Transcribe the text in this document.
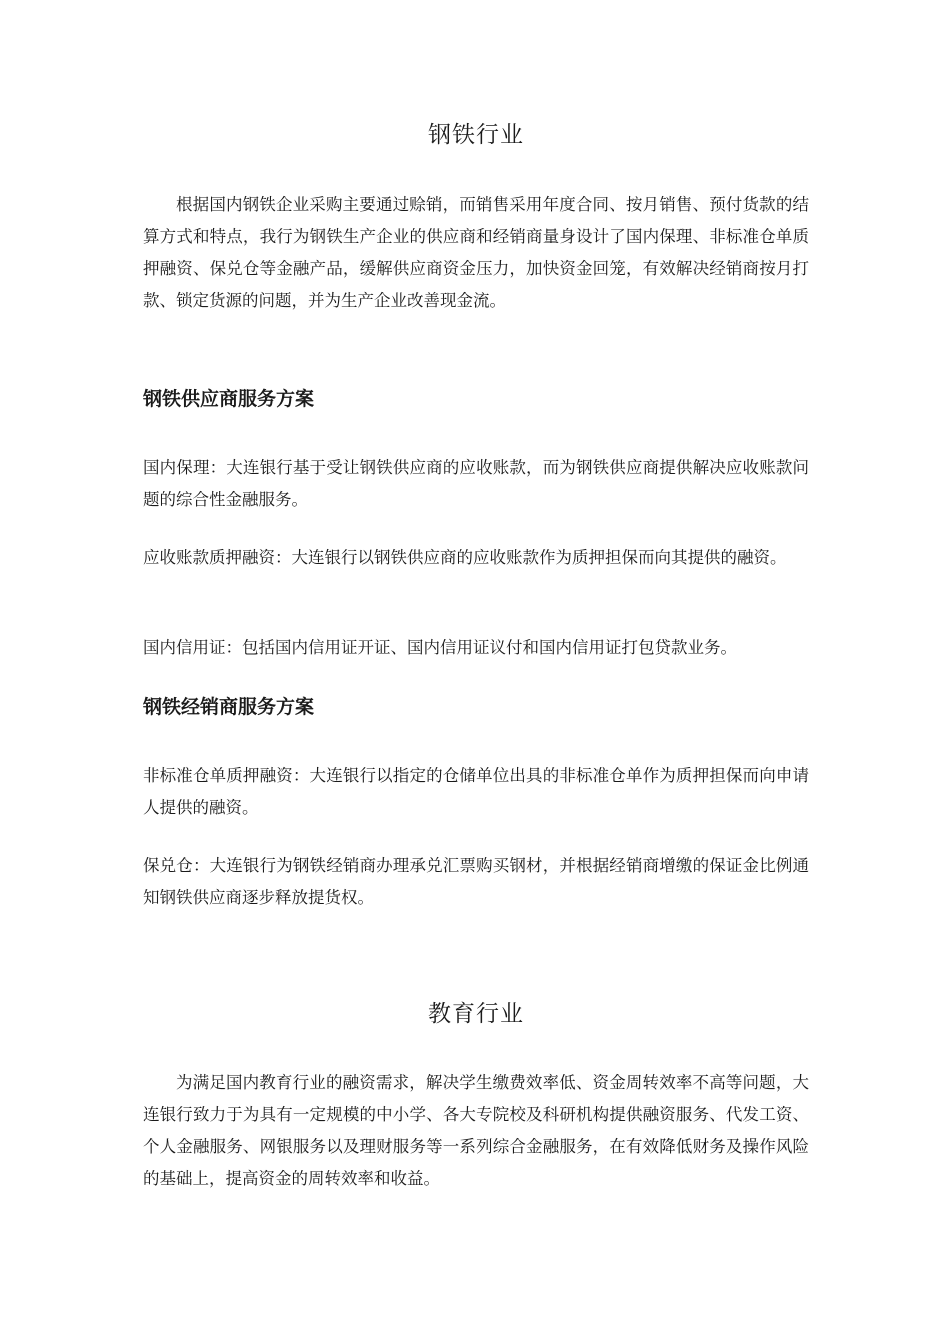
钢铁行业

根据国内钢铁企业采购主要通过赊销，而销售采用年度合同、按月销售、预付货款的结算方式和特点，我行为钢铁生产企业的供应商和经销商量身设计了国内保理、非标准仓单质押融资、保兑仓等金融产品，缓解供应商资金压力，加快资金回笼，有效解决经销商按月打款、锁定货源的问题，并为生产企业改善现金流。

钢铁供应商服务方案

国内保理：大连银行基于受让钢铁供应商的应收账款，而为钢铁供应商提供解决应收账款问题的综合性金融服务。

应收账款质押融资：大连银行以钢铁供应商的应收账款作为质押担保而向其提供的融资。

国内信用证：包括国内信用证开证、国内信用证议付和国内信用证打包贷款业务。

钢铁经销商服务方案

非标准仓单质押融资：大连银行以指定的仓储单位出具的非标准仓单作为质押担保而向申请人提供的融资。

保兑仓：大连银行为钢铁经销商办理承兑汇票购买钢材，并根据经销商增缴的保证金比例通知钢铁供应商逐步释放提货权。

教育行业

为满足国内教育行业的融资需求，解决学生缴费效率低、资金周转效率不高等问题，大连银行致力于为具有一定规模的中小学、各大专院校及科研机构提供融资服务、代发工资、个人金融服务、网银服务以及理财服务等一系列综合金融服务，在有效降低财务及操作风险的基础上，提高资金的周转效率和收益。
